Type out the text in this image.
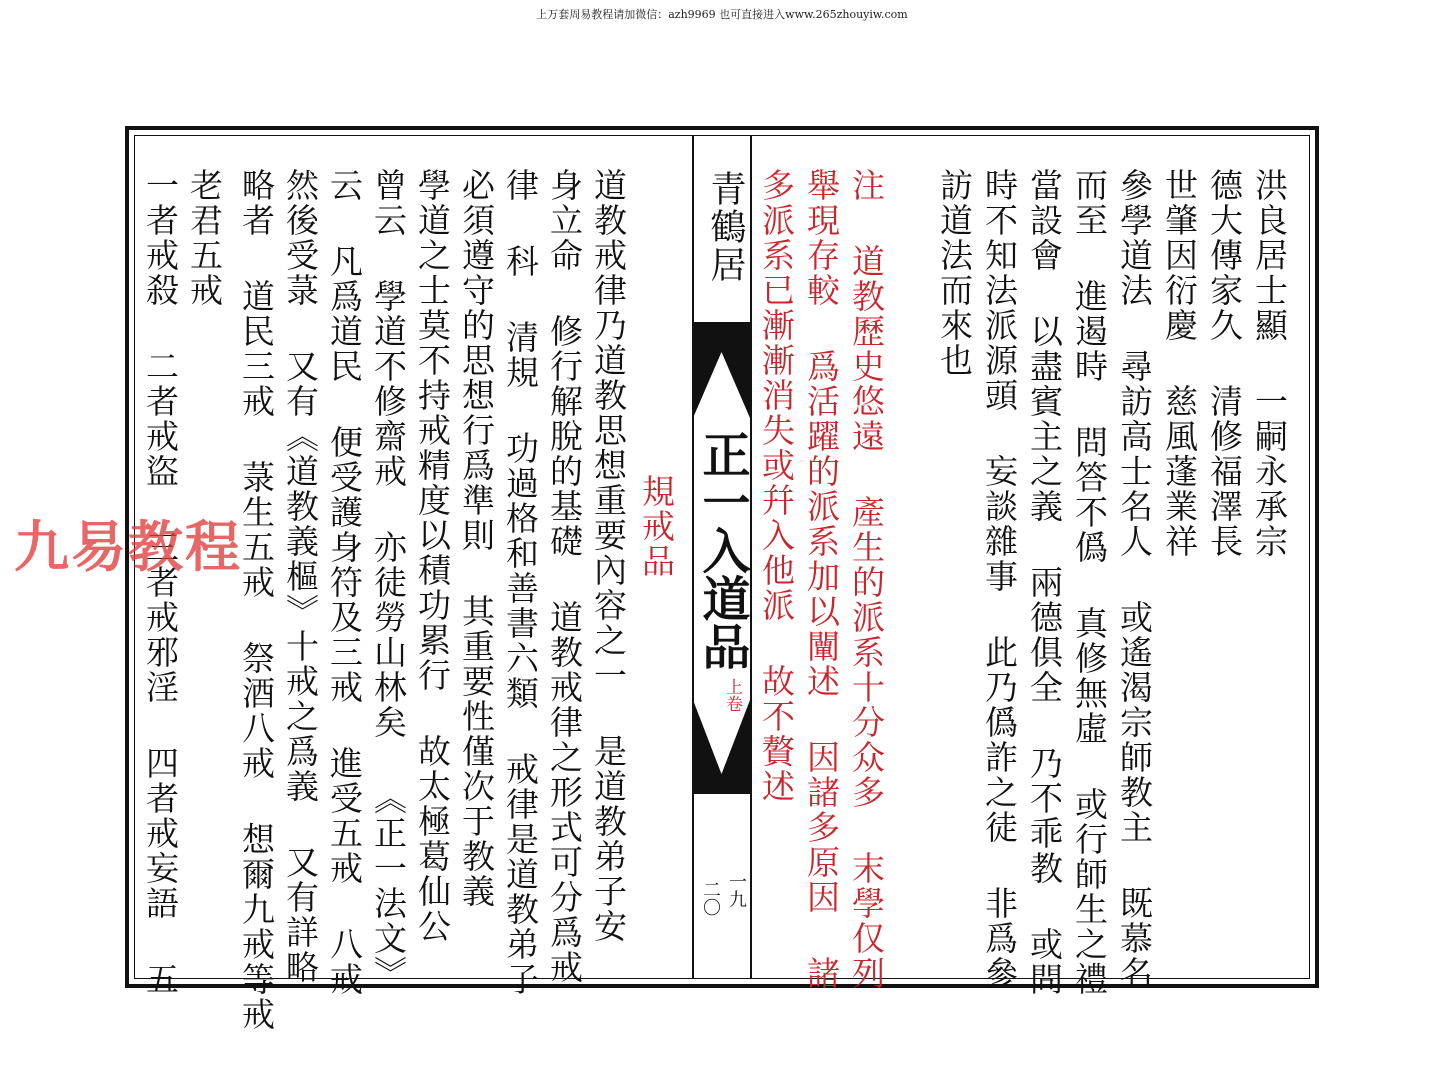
上万套周易教程请加微信：azh9969 也可直接进入www.265zhouyiw.com
青鶴居
正一入道品
上卷
一九
二〇
洪良居士顯 一嗣永承宗
德大傳家久 清修福澤長
世肇因衍慶 慈風蓬業祥
參學道法 尋訪高士名人 或遙渴宗師教主 既慕名
而至 進遏時 問答不僞 真修無虛 或行師生之禮
當設會 以盡賓主之義 兩德俱全 乃不乖教 或問
時不知法派源頭 妄談雜事 此乃僞詐之徒 非爲參
訪道法而來也
注 道教歷史悠遠 產生的派系十分众多 末學仅列
舉現存較 爲活躍的派系加以闡述 因諸多原因 諸
多派系已漸漸消失或幷入他派 故不贅述
規戒品
道教戒律乃道教思想重要內容之一 是道教弟子安
身立命 修行解脫的基礎 道教戒律之形式可分爲戒
律 科 清規 功過格和善書六類 戒律是道教弟子
必須遵守的思想行爲準則 其重要性僅次于教義
學道之士莫不持戒精度以積功累行 故太極葛仙公
曾云 學道不修齋戒 亦徒勞山林矣 《正一法文》
云 凡爲道民 便受護身符及三戒 進受五戒 八戒
然後受菉 又有《道教義樞》十戒之爲義 又有詳略
略者 道民三戒 菉生五戒 祭酒八戒 想爾九戒等戒
老君五戒
一者戒殺 二者戒盜 三者戒邪淫 四者戒妄語 五
九易教程
